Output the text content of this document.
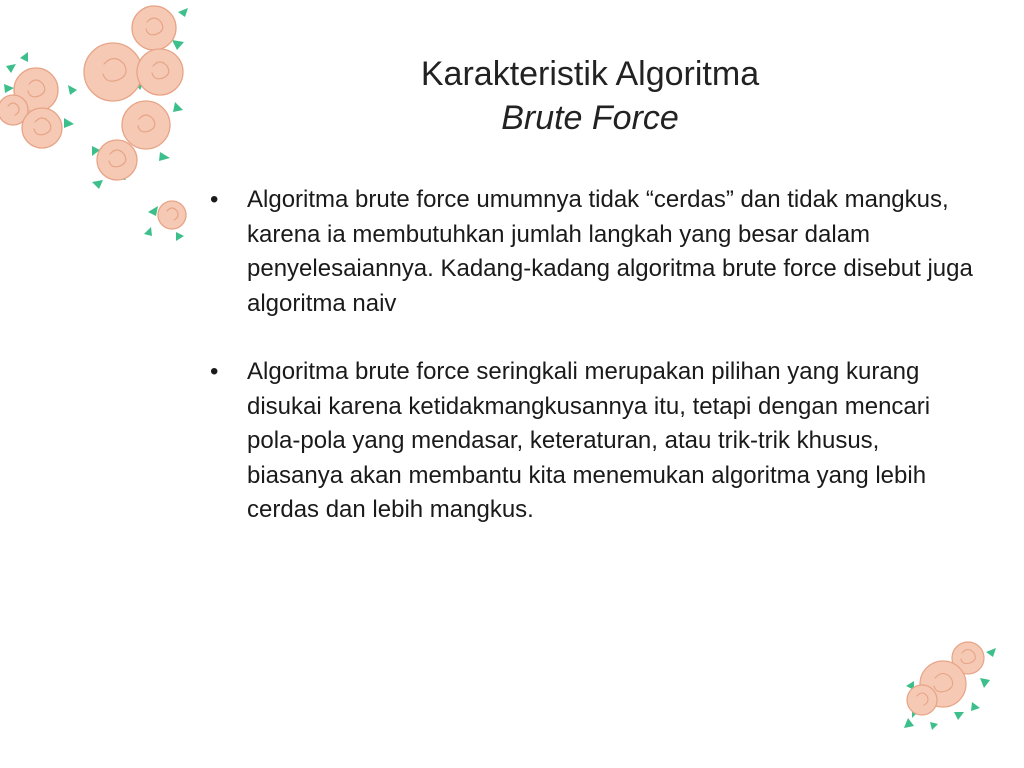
Karakteristik Algoritma
Brute Force
• Algoritma brute force umumnya tidak “cerdas” dan tidak mangkus, karena ia membutuhkan jumlah langkah yang besar dalam penyelesaiannya. Kadang-kadang algoritma brute force disebut juga algoritma naiv
• Algoritma brute force seringkali merupakan pilihan yang kurang disukai karena ketidakmangkusannya itu, tetapi dengan mencari pola-pola yang mendasar, keteraturan, atau trik-trik khusus, biasanya akan membantu kita menemukan algoritma yang lebih cerdas dan lebih mangkus.
